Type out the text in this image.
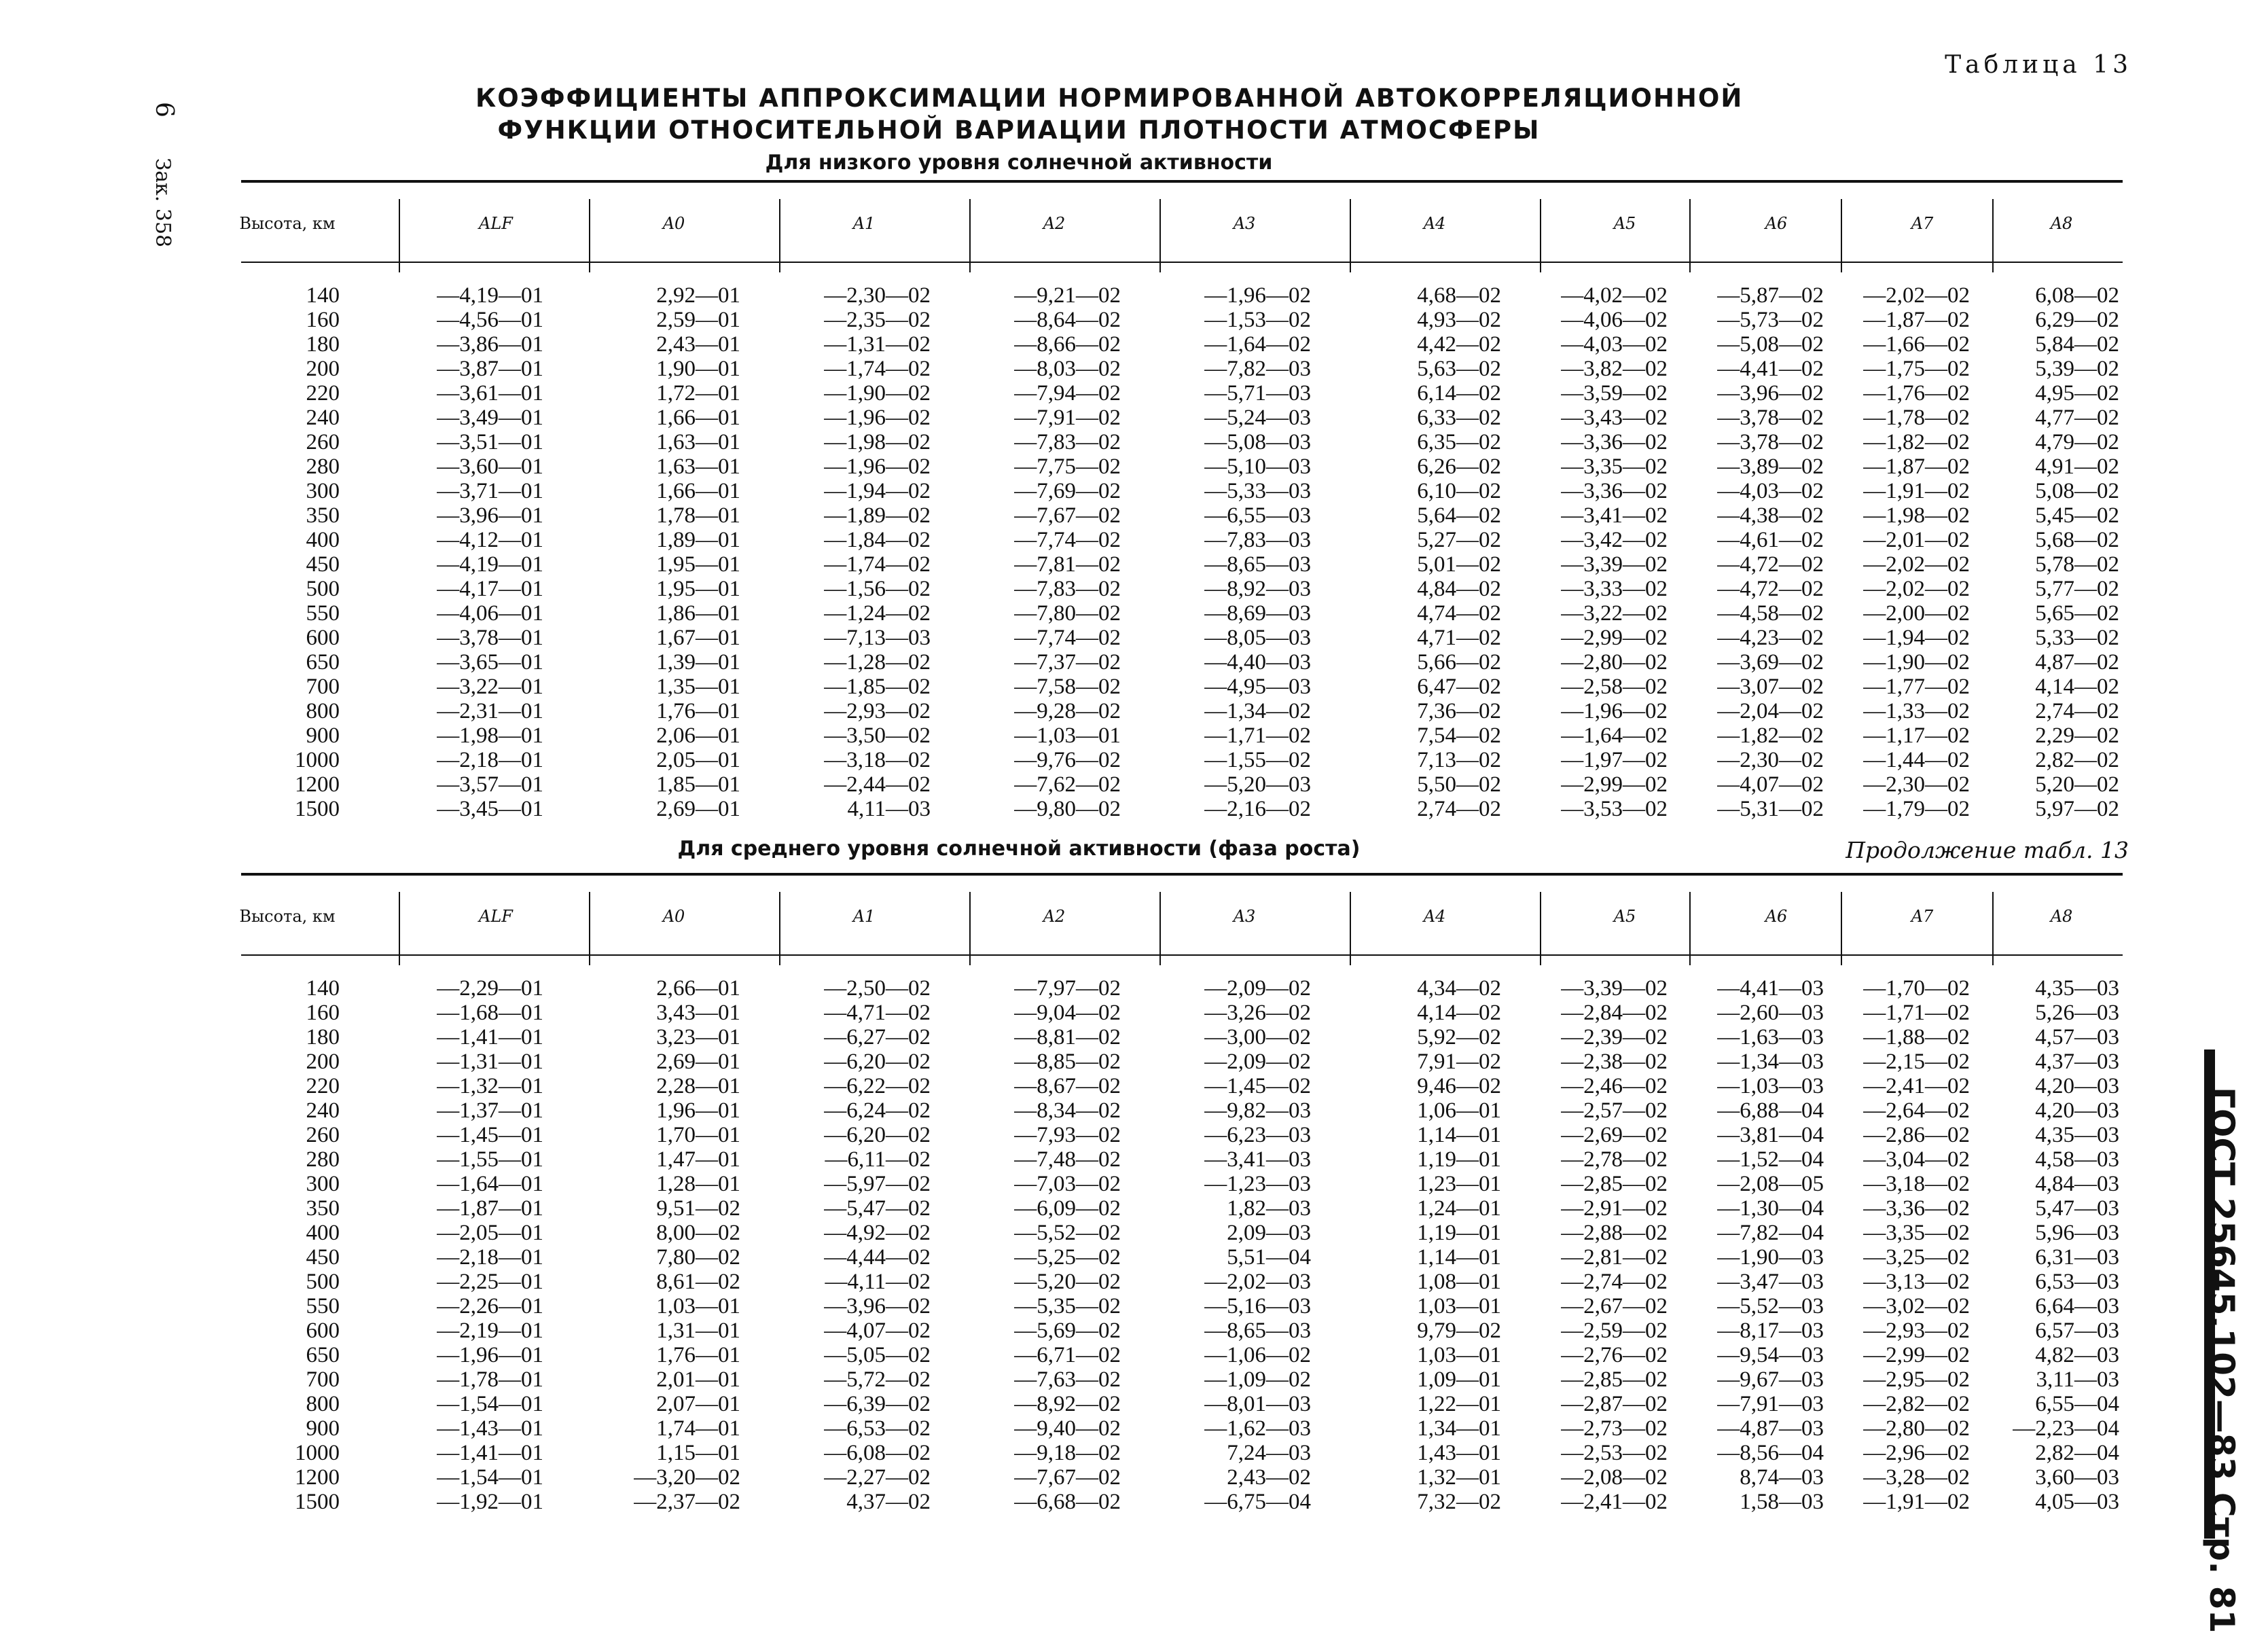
6 Зак. 358
ГОСТ 25645.102—83 Стр. 81
Таблица 13
КОЭФФИЦИЕНТЫ АППРОКСИМАЦИИ НОРМИРОВАННОЙ АВТОКОРРЕЛЯЦИОННОЙ
ФУНКЦИИ ОТНОСИТЕЛЬНОЙ ВАРИАЦИИ ПЛОТНОСТИ АТМОСФЕРЫ
Для низкого уровня солнечной активности
Для среднего уровня солнечной активности (фаза роста)	Продолжение табл. 13
Высота, км	ALF	A0	A1	A2	A3	A4	A5	A6	A7	A8
140	—4,19—01	2,92—01	—2,30—02	—9,21—02	—1,96—02	4,68—02	—4,02—02	—5,87—02	—2,02—02	6,08—02
160	—4,56—01	2,59—01	—2,35—02	—8,64—02	—1,53—02	4,93—02	—4,06—02	—5,73—02	—1,87—02	6,29—02
180	—3,86—01	2,43—01	—1,31—02	—8,66—02	—1,64—02	4,42—02	—4,03—02	—5,08—02	—1,66—02	5,84—02
200	—3,87—01	1,90—01	—1,74—02	—8,03—02	—7,82—03	5,63—02	—3,82—02	—4,41—02	—1,75—02	5,39—02
220	—3,61—01	1,72—01	—1,90—02	—7,94—02	—5,71—03	6,14—02	—3,59—02	—3,96—02	—1,76—02	4,95—02
240	—3,49—01	1,66—01	—1,96—02	—7,91—02	—5,24—03	6,33—02	—3,43—02	—3,78—02	—1,78—02	4,77—02
260	—3,51—01	1,63—01	—1,98—02	—7,83—02	—5,08—03	6,35—02	—3,36—02	—3,78—02	—1,82—02	4,79—02
280	—3,60—01	1,63—01	—1,96—02	—7,75—02	—5,10—03	6,26—02	—3,35—02	—3,89—02	—1,87—02	4,91—02
300	—3,71—01	1,66—01	—1,94—02	—7,69—02	—5,33—03	6,10—02	—3,36—02	—4,03—02	—1,91—02	5,08—02
350	—3,96—01	1,78—01	—1,89—02	—7,67—02	—6,55—03	5,64—02	—3,41—02	—4,38—02	—1,98—02	5,45—02
400	—4,12—01	1,89—01	—1,84—02	—7,74—02	—7,83—03	5,27—02	—3,42—02	—4,61—02	—2,01—02	5,68—02
450	—4,19—01	1,95—01	—1,74—02	—7,81—02	—8,65—03	5,01—02	—3,39—02	—4,72—02	—2,02—02	5,78—02
500	—4,17—01	1,95—01	—1,56—02	—7,83—02	—8,92—03	4,84—02	—3,33—02	—4,72—02	—2,02—02	5,77—02
550	—4,06—01	1,86—01	—1,24—02	—7,80—02	—8,69—03	4,74—02	—3,22—02	—4,58—02	—2,00—02	5,65—02
600	—3,78—01	1,67—01	—7,13—03	—7,74—02	—8,05—03	4,71—02	—2,99—02	—4,23—02	—1,94—02	5,33—02
650	—3,65—01	1,39—01	—1,28—02	—7,37—02	—4,40—03	5,66—02	—2,80—02	—3,69—02	—1,90—02	4,87—02
700	—3,22—01	1,35—01	—1,85—02	—7,58—02	—4,95—03	6,47—02	—2,58—02	—3,07—02	—1,77—02	4,14—02
800	—2,31—01	1,76—01	—2,93—02	—9,28—02	—1,34—02	7,36—02	—1,96—02	—2,04—02	—1,33—02	2,74—02
900	—1,98—01	2,06—01	—3,50—02	—1,03—01	—1,71—02	7,54—02	—1,64—02	—1,82—02	—1,17—02	2,29—02
1000	—2,18—01	2,05—01	—3,18—02	—9,76—02	—1,55—02	7,13—02	—1,97—02	—2,30—02	—1,44—02	2,82—02
1200	—3,57—01	1,85—01	—2,44—02	—7,62—02	—5,20—03	5,50—02	—2,99—02	—4,07—02	—2,30—02	5,20—02
1500	—3,45—01	2,69—01	4,11—03	—9,80—02	—2,16—02	2,74—02	—3,53—02	—5,31—02	—1,79—02	5,97—02
Высота, км	ALF	A0	A1	A2	A3	A4	A5	A6	A7	A8
140	—2,29—01	2,66—01	—2,50—02	—7,97—02	—2,09—02	4,34—02	—3,39—02	—4,41—03	—1,70—02	4,35—03
160	—1,68—01	3,43—01	—4,71—02	—9,04—02	—3,26—02	4,14—02	—2,84—02	—2,60—03	—1,71—02	5,26—03
180	—1,41—01	3,23—01	—6,27—02	—8,81—02	—3,00—02	5,92—02	—2,39—02	—1,63—03	—1,88—02	4,57—03
200	—1,31—01	2,69—01	—6,20—02	—8,85—02	—2,09—02	7,91—02	—2,38—02	—1,34—03	—2,15—02	4,37—03
220	—1,32—01	2,28—01	—6,22—02	—8,67—02	—1,45—02	9,46—02	—2,46—02	—1,03—03	—2,41—02	4,20—03
240	—1,37—01	1,96—01	—6,24—02	—8,34—02	—9,82—03	1,06—01	—2,57—02	—6,88—04	—2,64—02	4,20—03
260	—1,45—01	1,70—01	—6,20—02	—7,93—02	—6,23—03	1,14—01	—2,69—02	—3,81—04	—2,86—02	4,35—03
280	—1,55—01	1,47—01	—6,11—02	—7,48—02	—3,41—03	1,19—01	—2,78—02	—1,52—04	—3,04—02	4,58—03
300	—1,64—01	1,28—01	—5,97—02	—7,03—02	—1,23—03	1,23—01	—2,85—02	—2,08—05	—3,18—02	4,84—03
350	—1,87—01	9,51—02	—5,47—02	—6,09—02	1,82—03	1,24—01	—2,91—02	—1,30—04	—3,36—02	5,47—03
400	—2,05—01	8,00—02	—4,92—02	—5,52—02	2,09—03	1,19—01	—2,88—02	—7,82—04	—3,35—02	5,96—03
450	—2,18—01	7,80—02	—4,44—02	—5,25—02	5,51—04	1,14—01	—2,81—02	—1,90—03	—3,25—02	6,31—03
500	—2,25—01	8,61—02	—4,11—02	—5,20—02	—2,02—03	1,08—01	—2,74—02	—3,47—03	—3,13—02	6,53—03
550	—2,26—01	1,03—01	—3,96—02	—5,35—02	—5,16—03	1,03—01	—2,67—02	—5,52—03	—3,02—02	6,64—03
600	—2,19—01	1,31—01	—4,07—02	—5,69—02	—8,65—03	9,79—02	—2,59—02	—8,17—03	—2,93—02	6,57—03
650	—1,96—01	1,76—01	—5,05—02	—6,71—02	—1,06—02	1,03—01	—2,76—02	—9,54—03	—2,99—02	4,82—03
700	—1,78—01	2,01—01	—5,72—02	—7,63—02	—1,09—02	1,09—01	—2,85—02	—9,67—03	—2,95—02	3,11—03
800	—1,54—01	2,07—01	—6,39—02	—8,92—02	—8,01—03	1,22—01	—2,87—02	—7,91—03	—2,82—02	6,55—04
900	—1,43—01	1,74—01	—6,53—02	—9,40—02	—1,62—03	1,34—01	—2,73—02	—4,87—03	—2,80—02	—2,23—04
1000	—1,41—01	1,15—01	—6,08—02	—9,18—02	7,24—03	1,43—01	—2,53—02	—8,56—04	—2,96—02	2,82—04
1200	—1,54—01	—3,20—02	—2,27—02	—7,67—02	2,43—02	1,32—01	—2,08—02	8,74—03	—3,28—02	3,60—03
1500	—1,92—01	—2,37—02	4,37—02	—6,68—02	—6,75—04	7,32—02	—2,41—02	1,58—03	—1,91—02	4,05—03
